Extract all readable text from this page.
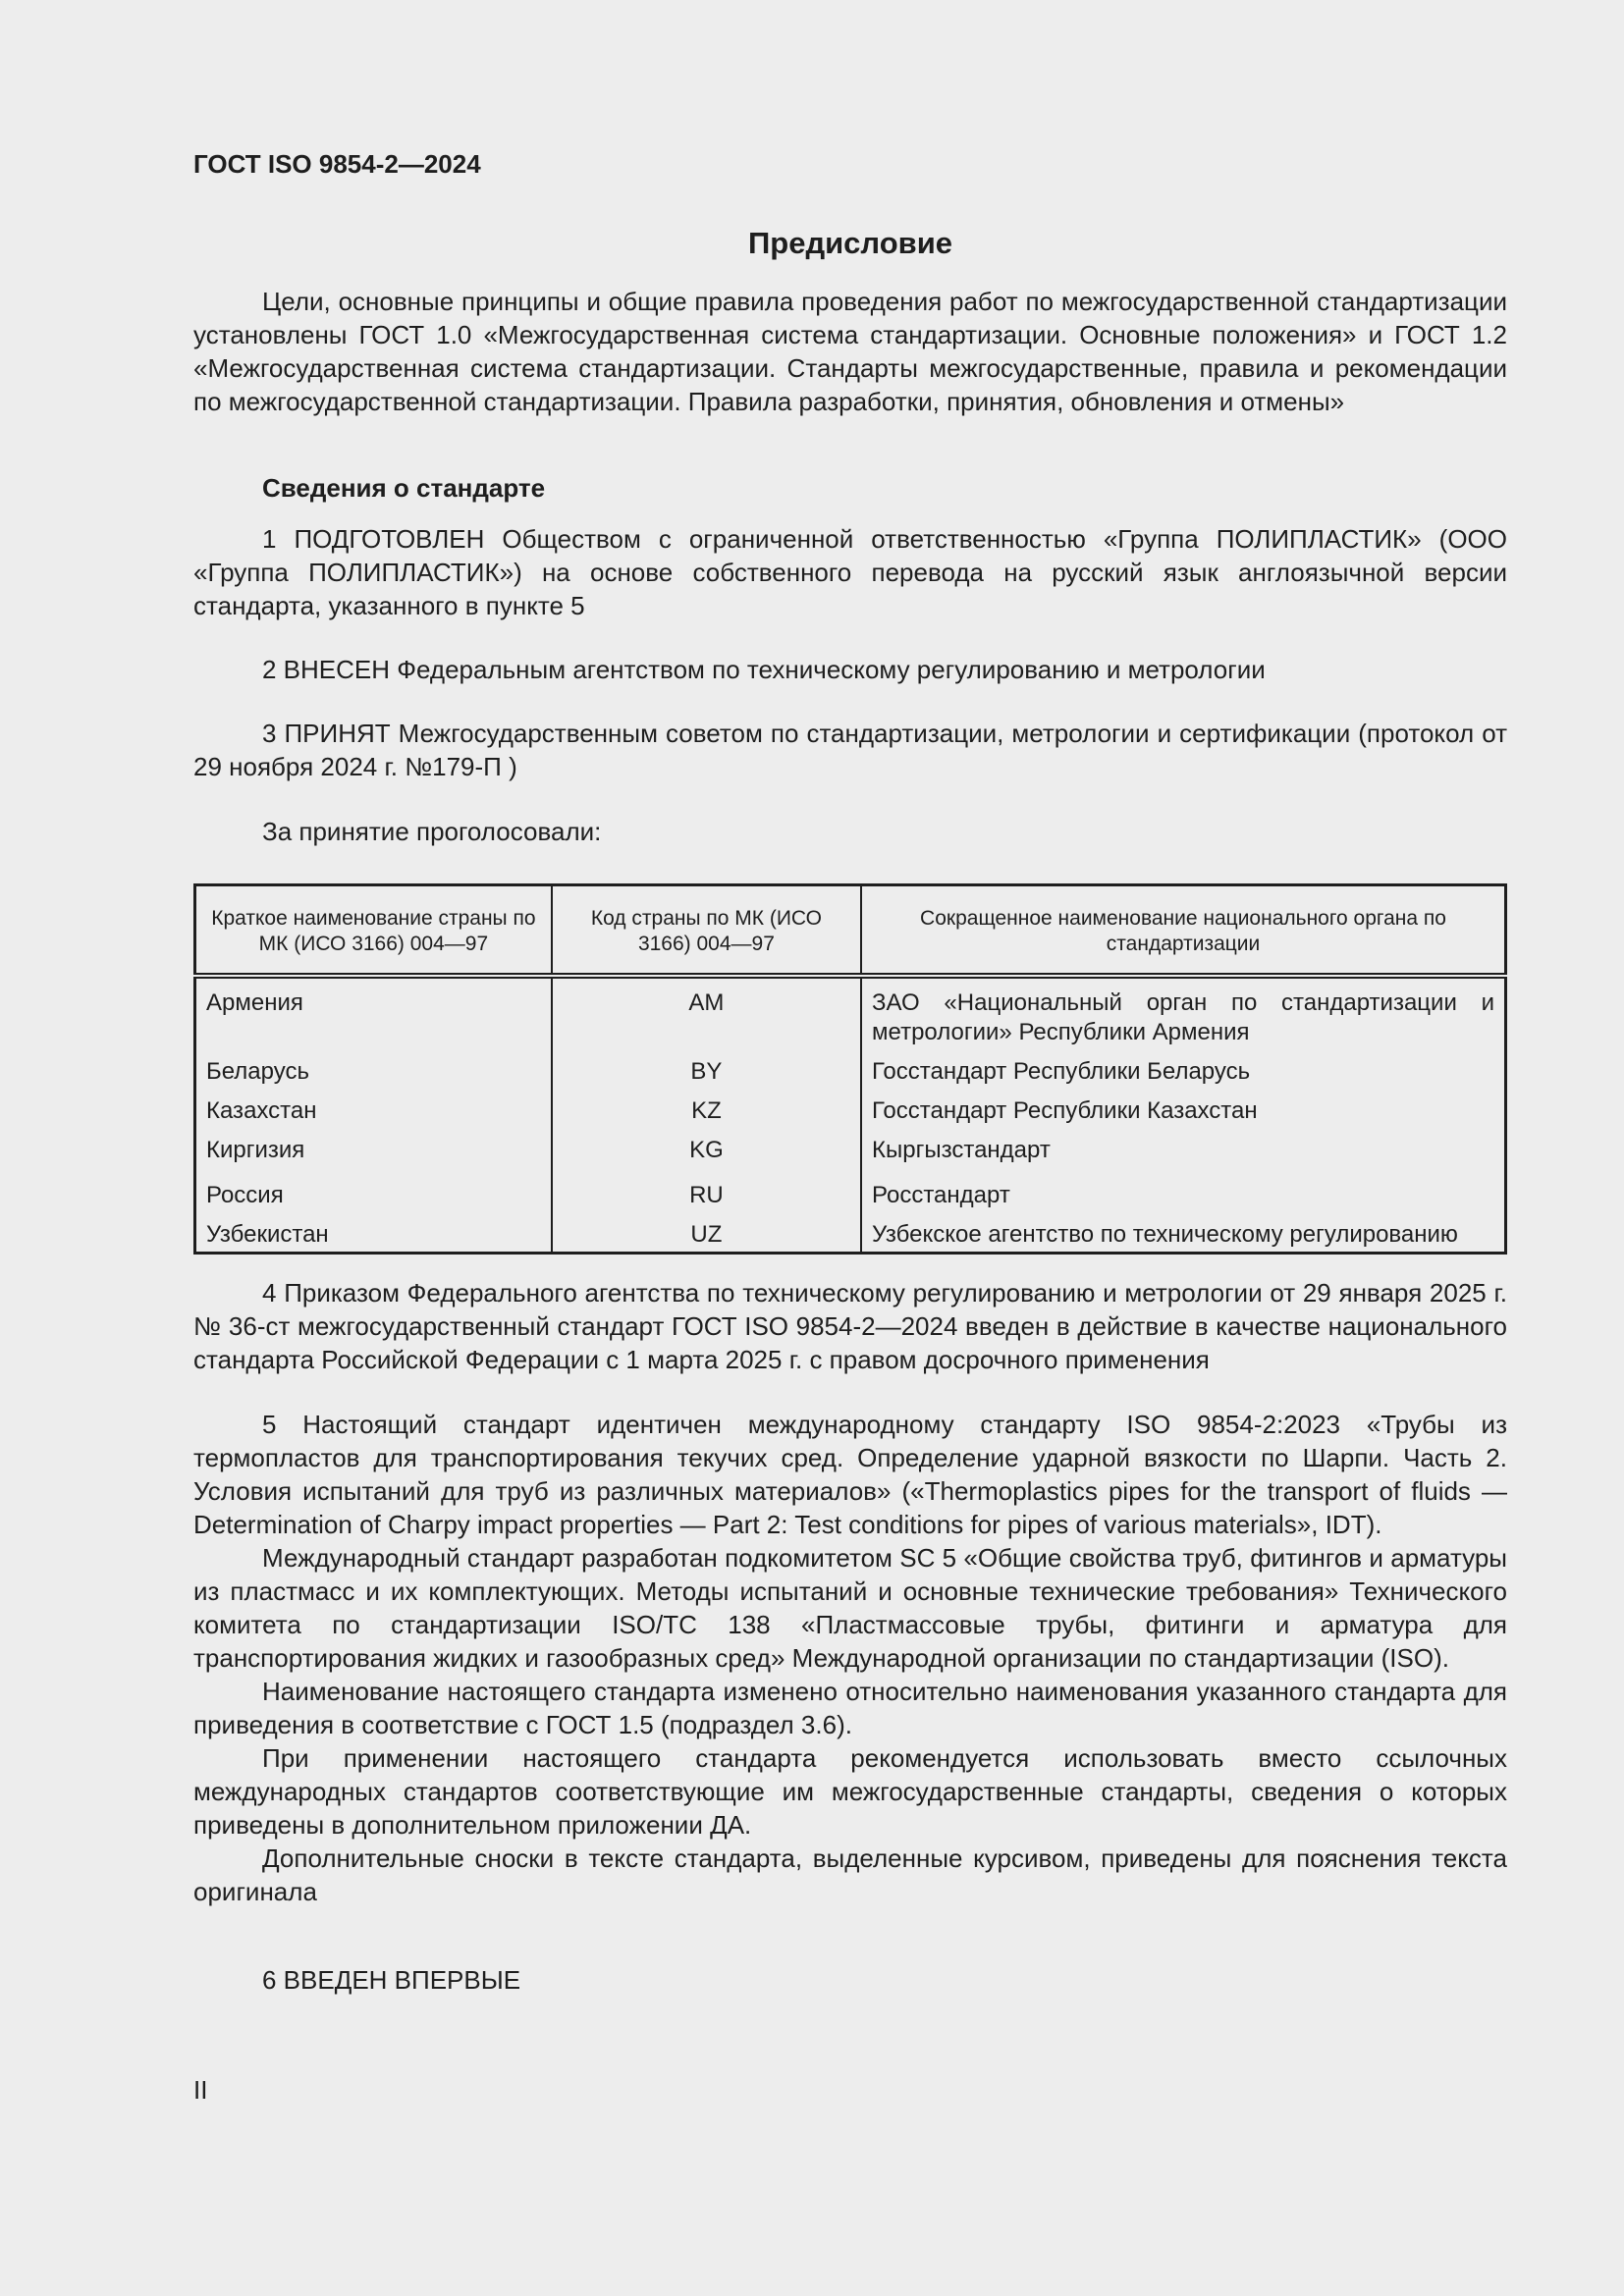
ГОСТ ISO 9854-2—2024
Предисловие
Цели, основные принципы и общие правила проведения работ по межгосударственной стандартизации установлены ГОСТ 1.0 «Межгосударственная система стандартизации. Основные положения» и ГОСТ 1.2 «Межгосударственная система стандартизации. Стандарты межгосударственные, правила и рекомендации по межгосударственной стандартизации. Правила разработки, принятия, обновления и отмены»
Сведения о стандарте
1 ПОДГОТОВЛЕН Обществом с ограниченной ответственностью «Группа ПОЛИПЛАСТИК» (ООО «Группа ПОЛИПЛАСТИК») на основе собственного перевода на русский язык англоязычной версии стандарта, указанного в пункте 5
2 ВНЕСЕН Федеральным агентством по техническому регулированию и метрологии
3 ПРИНЯТ Межгосударственным советом по стандартизации, метрологии и сертификации (протокол от 29 ноября 2024 г. №179-П )
За принятие проголосовали:
Краткое наименование страны по МК (ИСО 3166) 004—97	Код страны по МК (ИСО 3166) 004—97	Сокращенное наименование национального органа по стандартизации
Армения	AM	ЗАО «Национальный орган по стандартизации и метрологии» Республики Армения
Беларусь	BY	Госстандарт Республики Беларусь
Казахстан	KZ	Госстандарт Республики Казахстан
Киргизия	KG	Кыргызстандарт
Россия	RU	Росстандарт
Узбекистан	UZ	Узбекское агентство по техническому регулированию
4 Приказом Федерального агентства по техническому регулированию и метрологии от 29 января 2025 г. № 36-ст межгосударственный стандарт ГОСТ ISO 9854-2—2024 введен в действие в качестве национального стандарта Российской Федерации с 1 марта 2025 г. с правом досрочного применения
5 Настоящий стандарт идентичен международному стандарту ISO 9854-2:2023 «Трубы из термопластов для транспортирования текучих сред. Определение ударной вязкости по Шарпи. Часть 2. Условия испытаний для труб из различных материалов» («Thermoplastics pipes for the transport of fluids — Determination of Charpy impact properties — Part 2: Test conditions for pipes of various materials», IDT).
Международный стандарт разработан подкомитетом SC 5 «Общие свойства труб, фитингов и арматуры из пластмасс и их комплектующих. Методы испытаний и основные технические требования» Технического комитета по стандартизации ISO/TC 138 «Пластмассовые трубы, фитинги и арматура для транспортирования жидких и газообразных сред» Международной организации по стандартизации (ISO).
Наименование настоящего стандарта изменено относительно наименования указанного стандарта для приведения в соответствие с ГОСТ 1.5 (подраздел 3.6).
При применении настоящего стандарта рекомендуется использовать вместо ссылочных международных стандартов соответствующие им межгосударственные стандарты, сведения о которых приведены в дополнительном приложении ДА.
Дополнительные сноски в тексте стандарта, выделенные курсивом, приведены для пояснения текста оригинала
6 ВВЕДЕН ВПЕРВЫЕ
II
